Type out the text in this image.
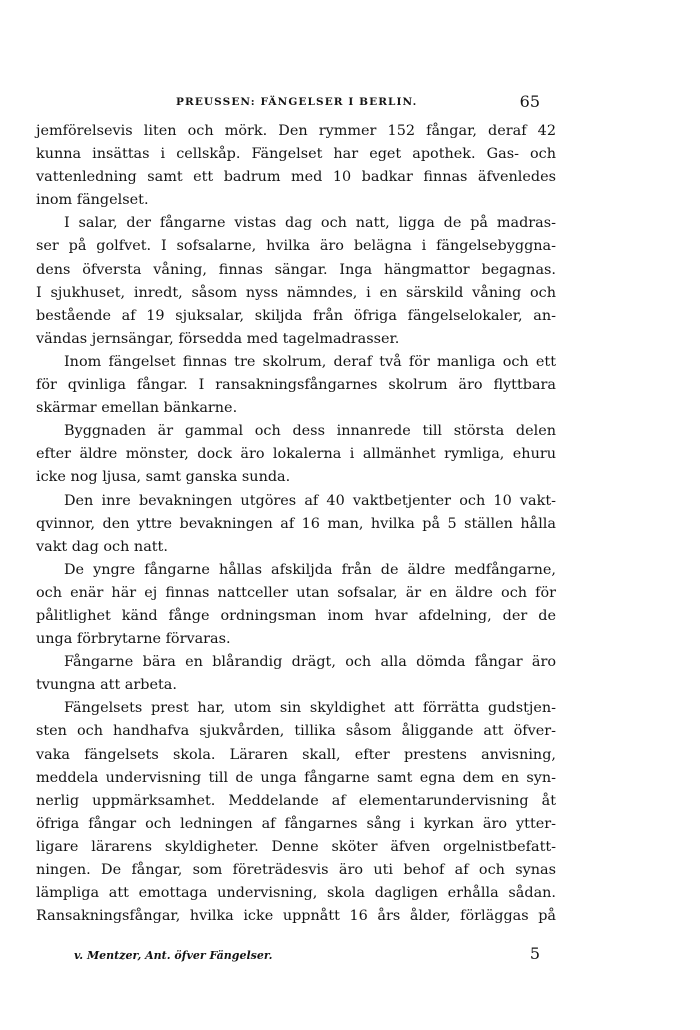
PREUSSEN: FÄNGELSER I BERLIN.	65
jemförelsevis liten och mörk. Den rymmer 152 fångar, deraf 42
kunna insättas i cellskåp. Fängelset har eget apothek. Gas- och
vattenledning samt ett badrum med 10 badkar finnas äfvenledes
inom fängelset.
I salar, der fångarne vistas dag och natt, ligga de på madras-
ser på golfvet. I sofsalarne, hvilka äro belägna i fängelsebyggna-
dens öfversta våning, finnas sängar. Inga hängmattor begagnas.
I sjukhuset, inredt, såsom nyss nämndes, i en särskild våning och
bestående af 19 sjuksalar, skiljda från öfriga fängelselokaler, an-
vändas jernsängar, försedda med tagelmadrasser.
Inom fängelset finnas tre skolrum, deraf två för manliga och ett
för qvinliga fångar. I ransakningsfångarnes skolrum äro flyttbara
skärmar emellan bänkarne.
Byggnaden är gammal och dess innanrede till största delen
efter äldre mönster, dock äro lokalerna i allmänhet rymliga, ehuru
icke nog ljusa, samt ganska sunda.
Den inre bevakningen utgöres af 40 vaktbetjenter och 10 vakt-
qvinnor, den yttre bevakningen af 16 man, hvilka på 5 ställen hålla
vakt dag och natt.
De yngre fångarne hållas afskiljda från de äldre medfångarne,
och enär här ej finnas nattceller utan sofsalar, är en äldre och för
pålitlighet känd fånge ordningsman inom hvar afdelning, der de
unga förbrytarne förvaras.
Fångarne bära en blårandig drägt, och alla dömda fångar äro
tvungna att arbeta.
Fängelsets prest har, utom sin skyldighet att förrätta gudstjen-
sten och handhafva sjukvården, tillika såsom åliggande att öfver-
vaka fängelsets skola. Läraren skall, efter prestens anvisning,
meddela undervisning till de unga fångarne samt egna dem en syn-
nerlig uppmärksamhet. Meddelande af elementarundervisning åt
öfriga fångar och ledningen af fångarnes sång i kyrkan äro ytter-
ligare lärarens skyldigheter. Denne sköter äfven orgelnistbefatt-
ningen. De fångar, som företrädesvis äro uti behof af och synas
lämpliga att emottaga undervisning, skola dagligen erhålla sådan.
Ransakningsfångar, hvilka icke uppnått 16 års ålder, förläggas på
v. Mentzer, Ant. öfver Fängelser.	5
